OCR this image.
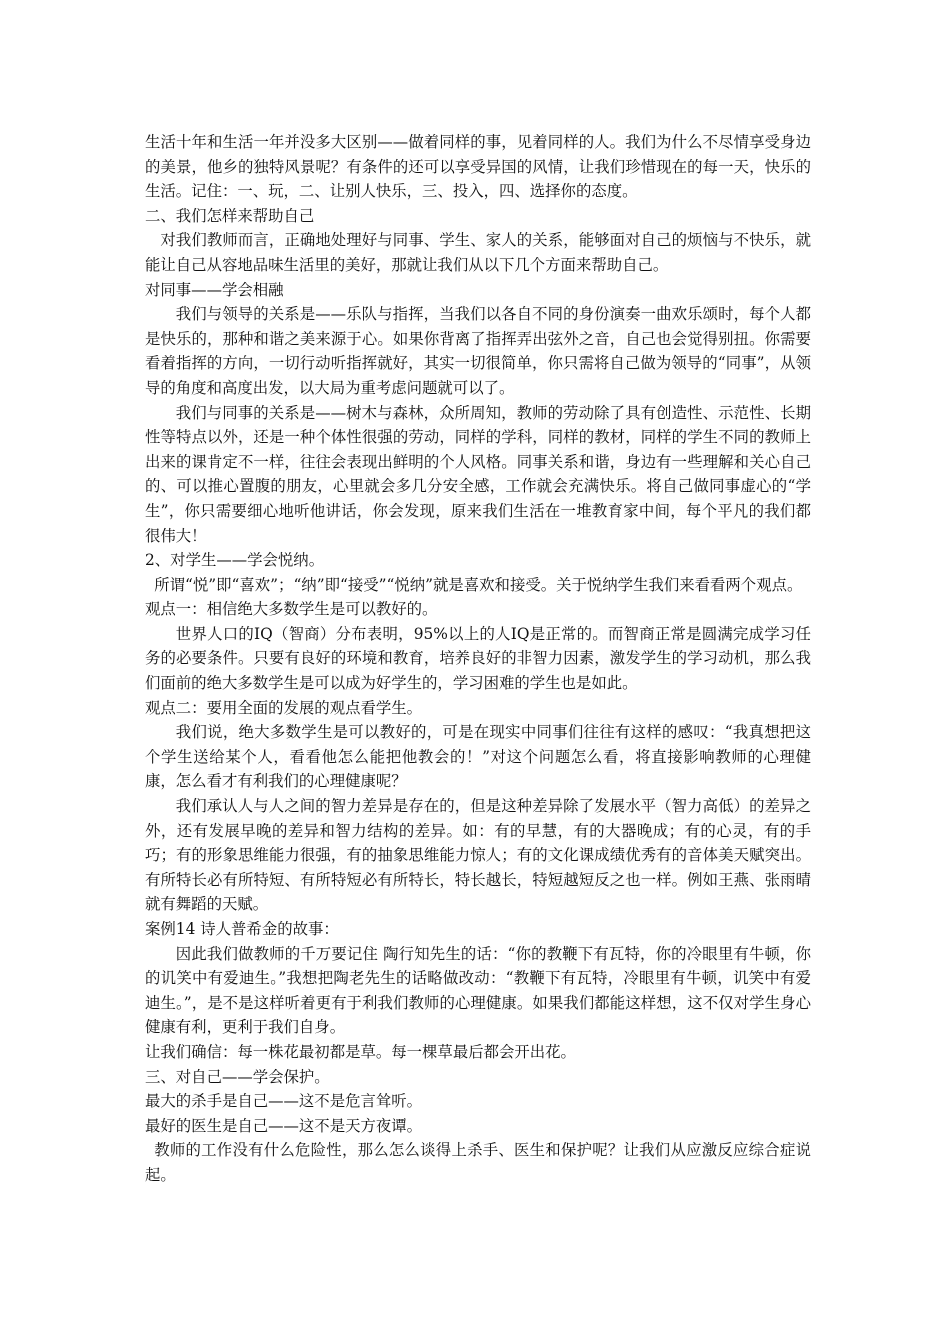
生活十年和生活一年并没多大区别——做着同样的事，见着同样的人。我们为什么不尽情享受身边的美景，他乡的独特风景呢？有条件的还可以享受异国的风情，让我们珍惜现在的每一天，快乐的生活。记住：一、玩，二、让别人快乐，三、投入，四、选择你的态度。

二、我们怎样来帮助自己

对我们教师而言，正确地处理好与同事、学生、家人的关系，能够面对自己的烦恼与不快乐，就能让自己从容地品味生活里的美好，那就让我们从以下几个方面来帮助自己。

对同事——学会相融

我们与领导的关系是——乐队与指挥，当我们以各自不同的身份演奏一曲欢乐颂时，每个人都是快乐的，那种和谐之美来源于心。如果你背离了指挥弄出弦外之音，自己也会觉得别扭。你需要看着指挥的方向，一切行动听指挥就好，其实一切很简单，你只需将自己做为领导的“同事”，从领导的角度和高度出发，以大局为重考虑问题就可以了。

我们与同事的关系是——树木与森林，众所周知，教师的劳动除了具有创造性、示范性、长期性等特点以外，还是一种个体性很强的劳动，同样的学科，同样的教材，同样的学生不同的教师上出来的课肯定不一样，往往会表现出鲜明的个人风格。同事关系和谐，身边有一些理解和关心自己的、可以推心置腹的朋友，心里就会多几分安全感，工作就会充满快乐。将自己做同事虚心的“学生”，你只需要细心地听他讲话，你会发现，原来我们生活在一堆教育家中间，每个平凡的我们都很伟大！

2、对学生——学会悦纳。

所谓“悦”即“喜欢”；“纳”即“接受”“悦纳”就是喜欢和接受。关于悦纳学生我们来看看两个观点。

观点一：相信绝大多数学生是可以教好的。

世界人口的IQ（智商）分布表明，95%以上的人IQ是正常的。而智商正常是圆满完成学习任务的必要条件。只要有良好的环境和教育，培养良好的非智力因素，激发学生的学习动机，那么我们面前的绝大多数学生是可以成为好学生的，学习困难的学生也是如此。

观点二：要用全面的发展的观点看学生。

我们说，绝大多数学生是可以教好的，可是在现实中同事们往往有这样的感叹：“我真想把这个学生送给某个人，看看他怎么能把他教会的！”对这个问题怎么看，将直接影响教师的心理健康，怎么看才有利我们的心理健康呢？

我们承认人与人之间的智力差异是存在的，但是这种差异除了发展水平（智力高低）的差异之外，还有发展早晚的差异和智力结构的差异。如：有的早慧，有的大器晚成；有的心灵，有的手巧；有的形象思维能力很强，有的抽象思维能力惊人；有的文化课成绩优秀有的音体美天赋突出。有所特长必有所特短、有所特短必有所特长，特长越长，特短越短反之也一样。例如王燕、张雨晴就有舞蹈的天赋。

案例14 诗人普希金的故事：

因此我们做教师的千万要记住 陶行知先生的话：“你的教鞭下有瓦特，你的冷眼里有牛顿，你的讥笑中有爱迪生。”我想把陶老先生的话略做改动：“教鞭下有瓦特，冷眼里有牛顿，讥笑中有爱迪生。”，是不是这样听着更有于利我们教师的心理健康。如果我们都能这样想，这不仅对学生身心健康有利，更利于我们自身。

让我们确信：每一株花最初都是草。每一棵草最后都会开出花。

三、对自己——学会保护。

最大的杀手是自己——这不是危言耸听。

最好的医生是自己——这不是天方夜谭。

教师的工作没有什么危险性，那么怎么谈得上杀手、医生和保护呢？让我们从应激反应综合症说起。
